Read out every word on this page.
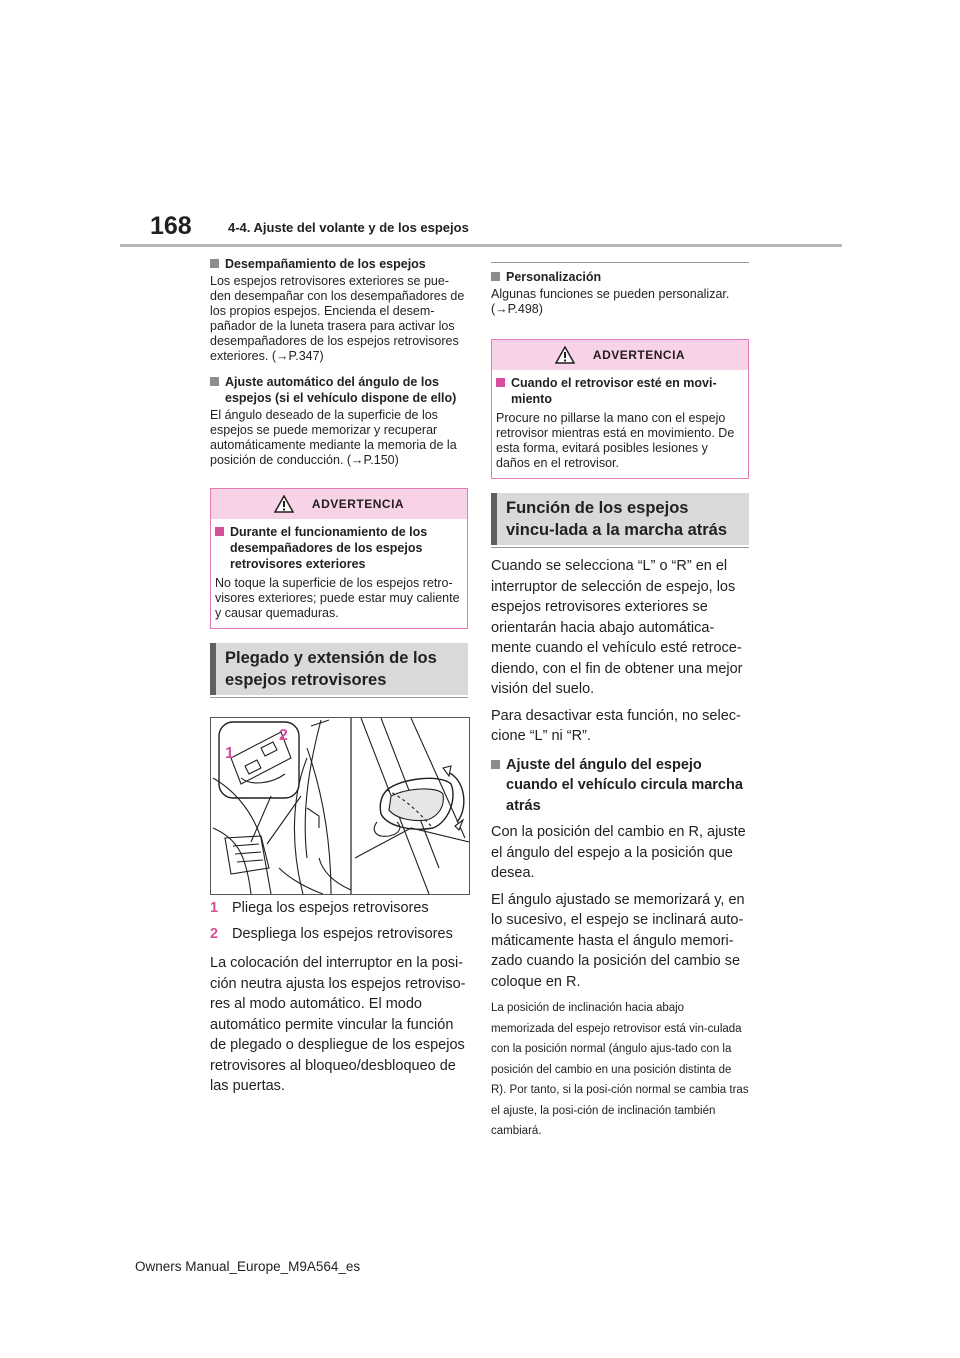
168	4-4. Ajuste del volante y de los espejos
Desempañamiento de los espejos

Los espejos retrovisores exteriores se pue-den desempañar con los desempañadores de los propios espejos. Encienda el desem-pañador de la luneta trasera para activar los desempañadores de los espejos retrovisores exteriores. (→P.347)

Ajuste automático del ángulo de los espejos (si el vehículo dispone de ello)

El ángulo deseado de la superficie de los espejos se puede memorizar y recuperar automáticamente mediante la memoria de la posición de conducción. (→P.150)

ADVERTENCIA
Durante el funcionamiento de los desempañadores de los espejos retrovisores exteriores

No toque la superficie de los espejos retro-visores exteriores; puede estar muy caliente y causar quemaduras.

Plegado y extensión de los espejos retrovisores
1
2
1 Pliega los espejos retrovisores
2 Despliega los espejos retrovisores

La colocación del interruptor en la posi-ción neutra ajusta los espejos retroviso-res al modo automático. El modo automático permite vincular la función de plegado o despliegue de los espejos retrovisores al bloqueo/desbloqueo de las puertas.

Personalización

Algunas funciones se pueden personalizar. (→P.498)

ADVERTENCIA
Cuando el retrovisor esté en movi-miento

Procure no pillarse la mano con el espejo retrovisor mientras está en movimiento. De esta forma, evitará posibles lesiones y daños en el retrovisor.

Función de los espejos vincu-lada a la marcha atrás

Cuando se selecciona “L” o “R” en el interruptor de selección de espejo, los espejos retrovisores exteriores se orientarán hacia abajo automática-mente cuando el vehículo esté retroce-diendo, con el fin de obtener una mejor visión del suelo.

Para desactivar esta función, no selec-cione “L” ni “R”.

Ajuste del ángulo del espejo cuando el vehículo circula marcha atrás

Con la posición del cambio en R, ajuste el ángulo del espejo a la posición que desea.

El ángulo ajustado se memorizará y, en lo sucesivo, el espejo se inclinará auto-máticamente hasta el ángulo memori-zado cuando la posición del cambio se coloque en R.

La posición de inclinación hacia abajo memorizada del espejo retrovisor está vin-culada con la posición normal (ángulo ajus-tado con la posición del cambio en una posición distinta de R). Por tanto, si la posi-ción normal se cambia tras el ajuste, la posi-ción de inclinación también cambiará.

Owners Manual_Europe_M9A564_es
